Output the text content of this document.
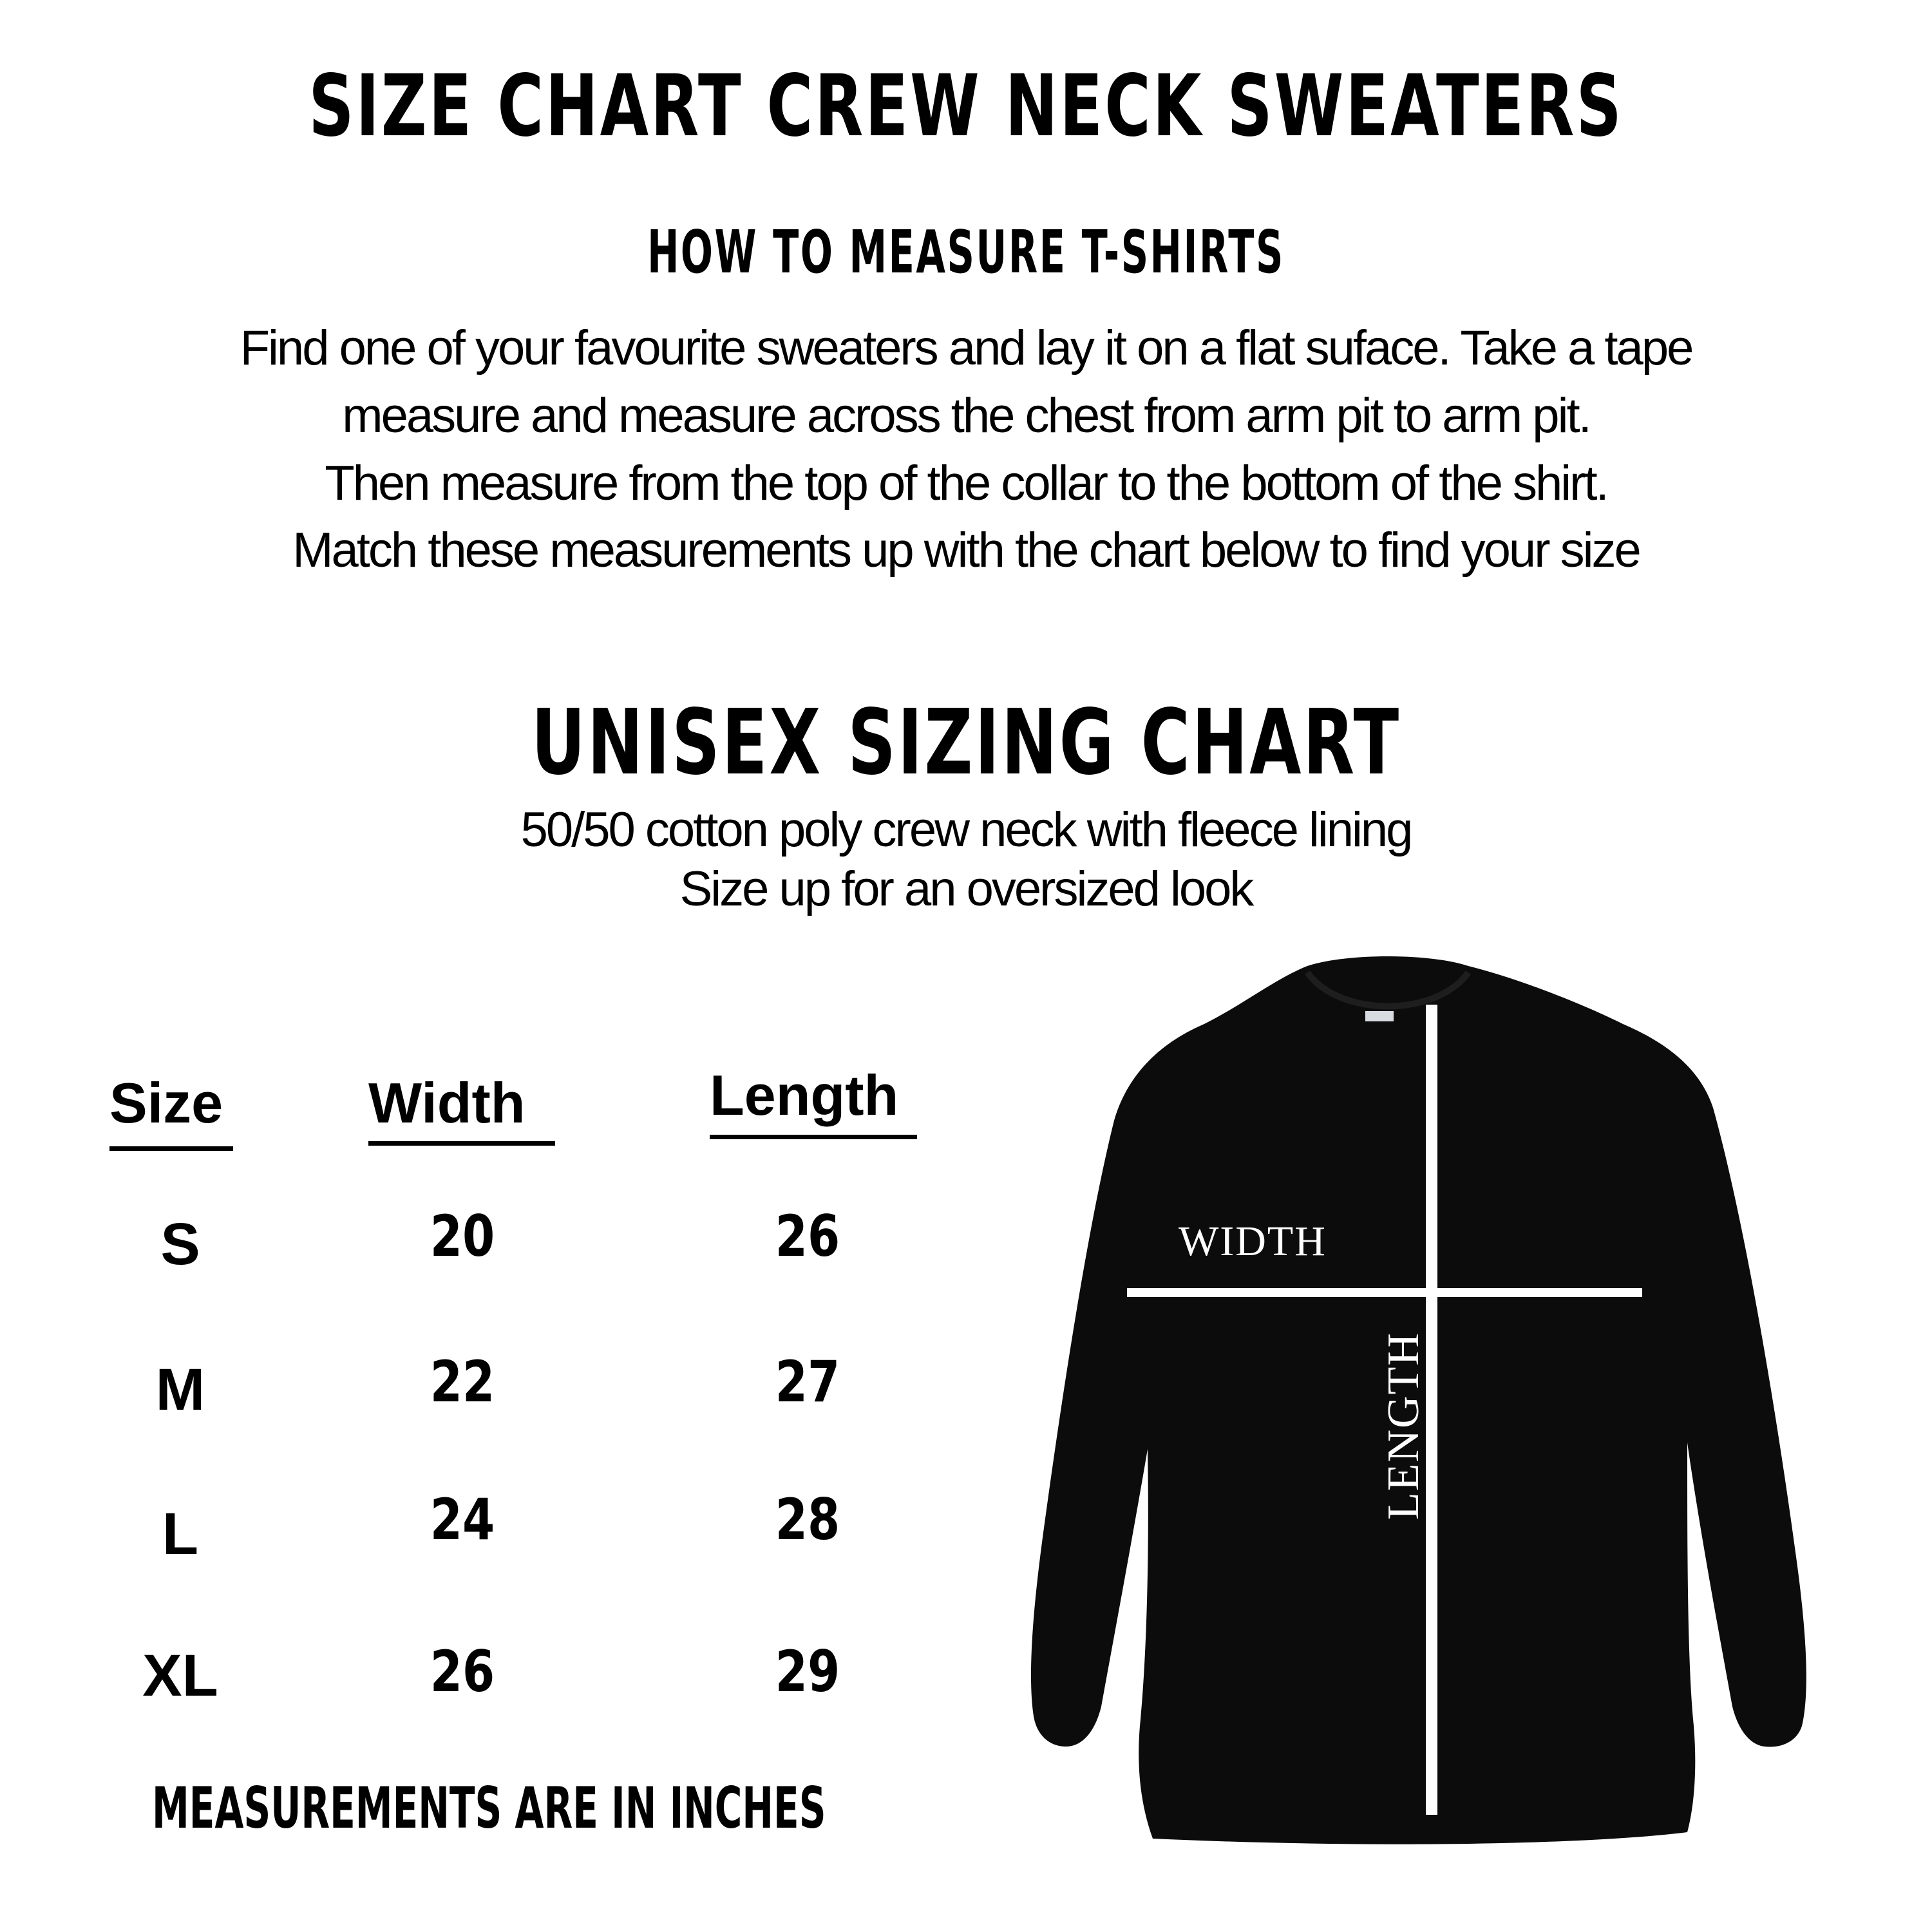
SIZE CHART CREW NECK SWEATERS
HOW TO MEASURE T-SHIRTS
Find one of your favourite sweaters and lay it on a flat suface. Take a tape
measure and measure across the chest from arm pit to arm pit.
Then measure from the top of the collar to the bottom of the shirt.
Match these measurements up with the chart below to find your size
UNISEX SIZING CHART
50/50 cotton poly crew neck with fleece lining
Size up for an oversized look
Size	Width	Length
S	20	26
M	22	27
L	24	28
XL	26	29
MEASUREMENTS ARE IN INCHES
WIDTH
LENGTH
